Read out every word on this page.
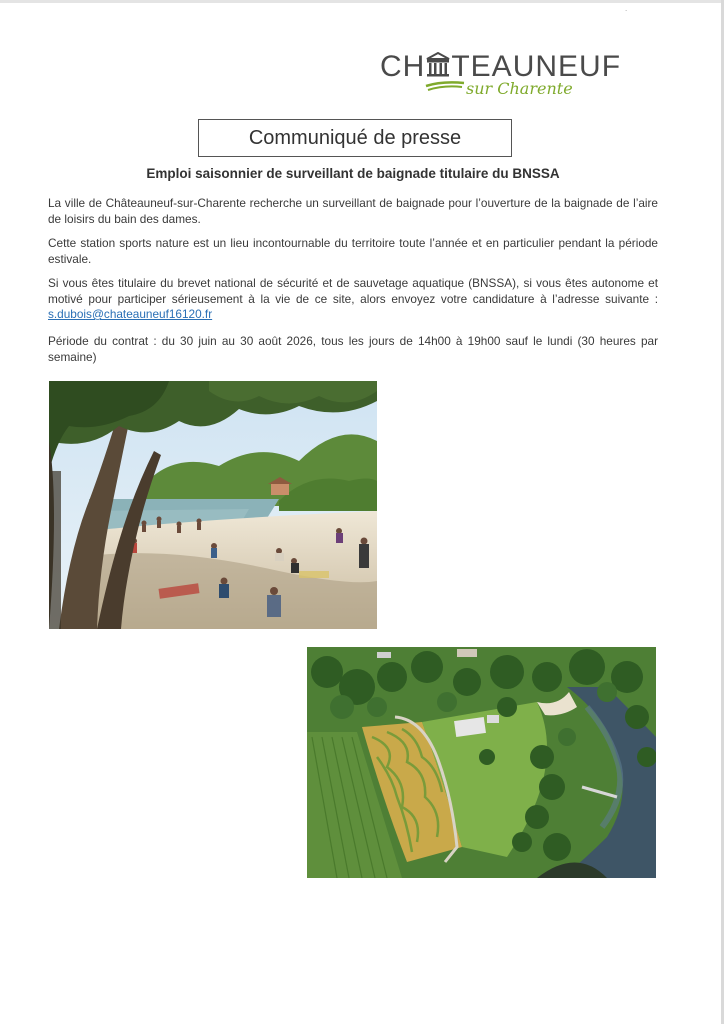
CH TEAUNEUF
sur Charente
Communiqué de presse
Emploi saisonnier de surveillant de baignade titulaire du BNSSA
La ville de Châteauneuf-sur-Charente recherche un surveillant de baignade pour l’ouverture de la baignade de l’aire de loisirs du bain des dames.
Cette station sports nature est un lieu incontournable du territoire toute l’année et en particulier pendant la période estivale.
Si vous êtes titulaire du brevet national de sécurité et de sauvetage aquatique (BNSSA), si vous êtes autonome et motivé pour participer sérieusement à la vie de ce site, alors envoyez votre candidature à l’adresse suivante : s.dubois@chateauneuf16120.fr
Période du contrat : du 30 juin au 30 août 2026, tous les jours de 14h00 à 19h00 sauf le lundi (30 heures par semaine)
.
